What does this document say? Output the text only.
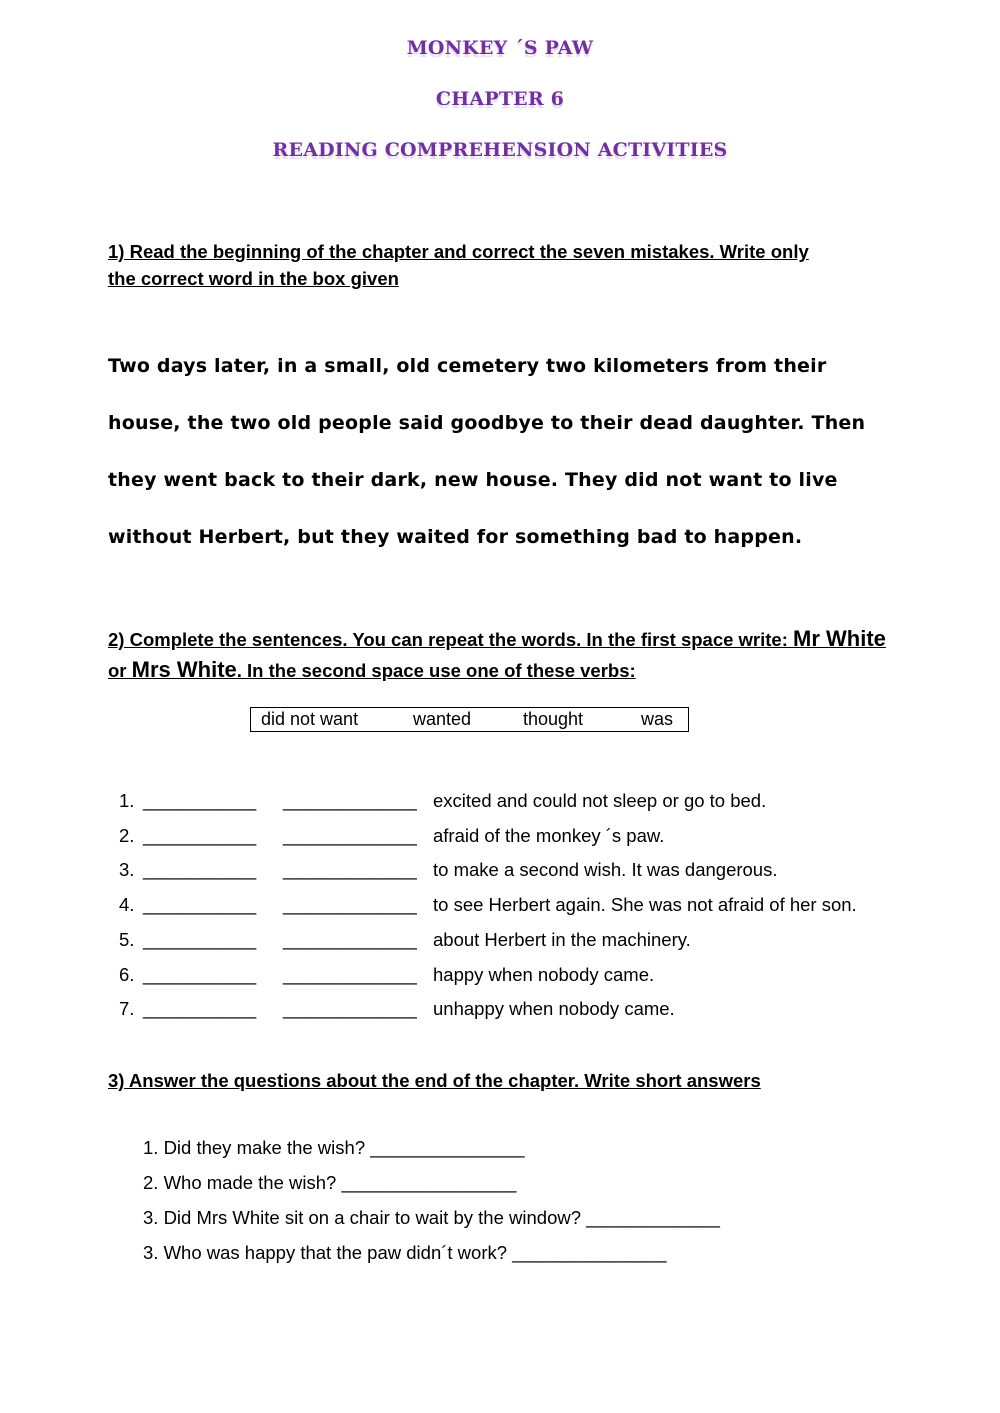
MONKEY ´S PAW
CHAPTER 6
READING COMPREHENSION ACTIVITIES
1) Read the beginning of the chapter and correct the seven mistakes. Write only
the correct word in the box given
Two days later, in a small, old cemetery two kilometers from their
house, the two old people said goodbye to their dead daughter. Then
they went back to their dark, new house. They did not want to live
without Herbert, but they waited for something bad to happen.
2) Complete the sentences. You can repeat the words. In the first space write: Mr White or Mrs White. In the second space use one of these verbs:
did not want	wanted	thought	was
1. ___________ _____________ excited and could not sleep or go to bed.
2. ___________ _____________ afraid of the monkey ´s paw.
3. ___________ _____________ to make a second wish. It was dangerous.
4. ___________ _____________ to see Herbert again. She was not afraid of her son.
5. ___________ _____________ about Herbert in the machinery.
6. ___________ _____________ happy when nobody came.
7. ___________ _____________ unhappy when nobody came.
3) Answer the questions about the end of the chapter. Write short answers
1. Did they make the wish? _______________
2. Who made the wish? _________________
3. Did Mrs White sit on a chair to wait by the window? _____________
3. Who was happy that the paw didn´t work? _______________
